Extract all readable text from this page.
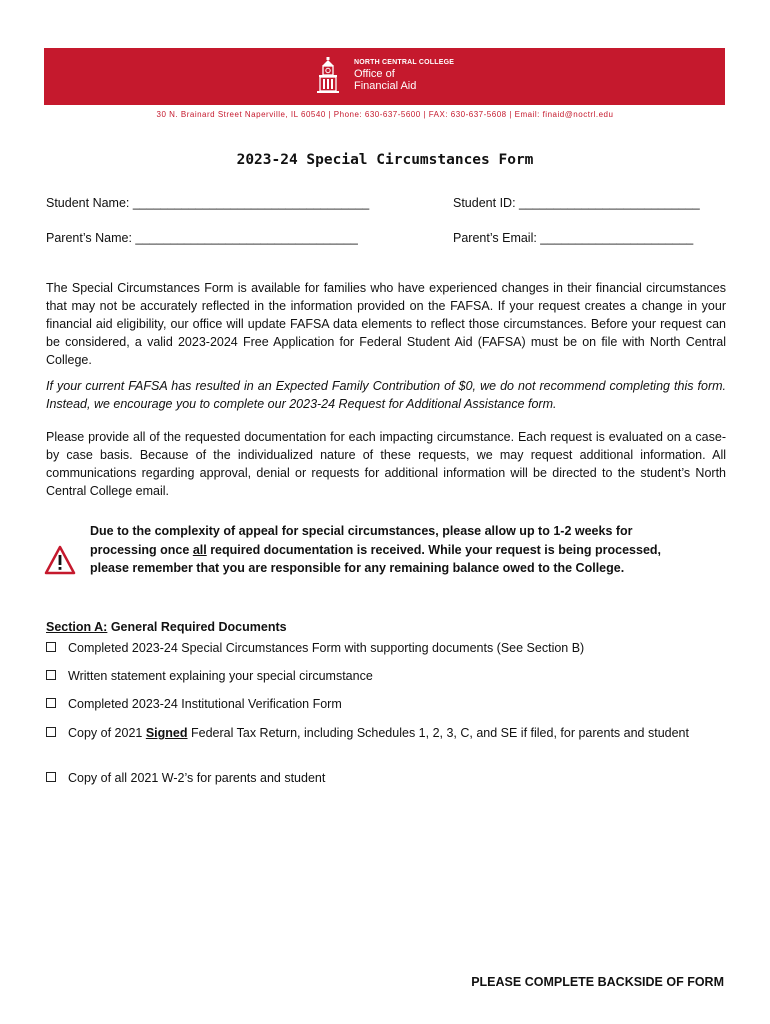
NORTH CENTRAL COLLEGE
Office of
Financial Aid
30 N. Brainard Street Naperville, IL 60540 | Phone: 630-637-5600 | FAX: 630-637-5608 | Email: finaid@noctrl.edu
2023-24 Special Circumstances Form
Student Name: __________________________________	Student ID: __________________________
Parent’s Name: ________________________________	Parent’s Email: ______________________

The Special Circumstances Form is available for families who have experienced changes in their financial circumstances that may not be accurately reflected in the information provided on the FAFSA. If your request creates a change in your financial aid eligibility, our office will update FAFSA data elements to reflect those circumstances. Before your request can be considered, a valid 2023-2024 Free Application for Federal Student Aid (FAFSA) must be on file with North Central College.

If your current FAFSA has resulted in an Expected Family Contribution of $0, we do not recommend completing this form. Instead, we encourage you to complete our 2023-24 Request for Additional Assistance form.

Please provide all of the requested documentation for each impacting circumstance. Each request is evaluated on a case-by case basis. Because of the individualized nature of these requests, we may request additional information. All communications regarding approval, denial or requests for additional information will be directed to the student’s North Central College email.

Due to the complexity of appeal for special circumstances, please allow up to 1-2 weeks for processing once all required documentation is received. While your request is being processed, please remember that you are responsible for any remaining balance owed to the College.

Section A: General Required Documents
Completed 2023-24 Special Circumstances Form with supporting documents (See Section B)
Written statement explaining your special circumstance
Completed 2023-24 Institutional Verification Form
Copy of 2021 Signed Federal Tax Return, including Schedules 1, 2, 3, C, and SE if filed, for parents and student
Copy of all 2021 W-2’s for parents and student
PLEASE COMPLETE BACKSIDE OF FORM
